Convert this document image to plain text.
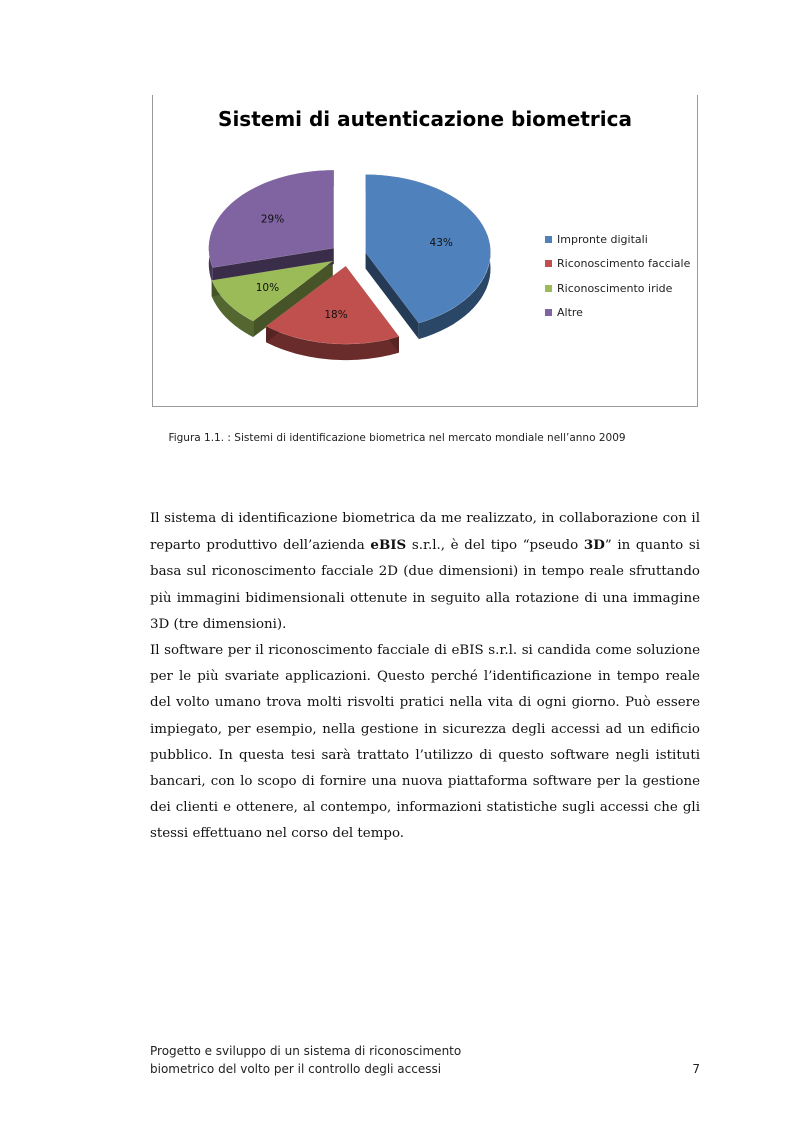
Sistemi di autenticazione biometrica
43%
18%
10%
29%
Impronte digitali
Riconoscimento facciale
Riconoscimento iride
Altre
Figura 1.1. : Sistemi di identificazione biometrica nel mercato mondiale nell’anno 2009

Il sistema di identificazione biometrica da me realizzato, in collaborazione con il reparto produttivo dell’azienda eBIS s.r.l., è del tipo “pseudo 3D” in quanto si basa sul riconoscimento facciale 2D (due dimensioni) in tempo reale sfruttando più immagini bidimensionali ottenute in seguito alla rotazione di una immagine 3D (tre dimensioni).

Il software per il riconoscimento facciale di eBIS s.r.l. si candida come soluzione per le più svariate applicazioni. Questo perché l’identificazione in tempo reale del volto umano trova molti risvolti pratici nella vita di ogni giorno. Può essere impiegato, per esempio, nella gestione in sicurezza degli accessi ad un edificio pubblico. In questa tesi sarà trattato l’utilizzo di questo software negli istituti bancari, con lo scopo di fornire una nuova piattaforma software per la gestione dei clienti e ottenere, al contempo, informazioni statistiche sugli accessi che gli stessi effettuano nel corso del tempo.

Progetto e sviluppo di un sistema di riconoscimento
biometrico del volto per il controllo degli accessi	7
